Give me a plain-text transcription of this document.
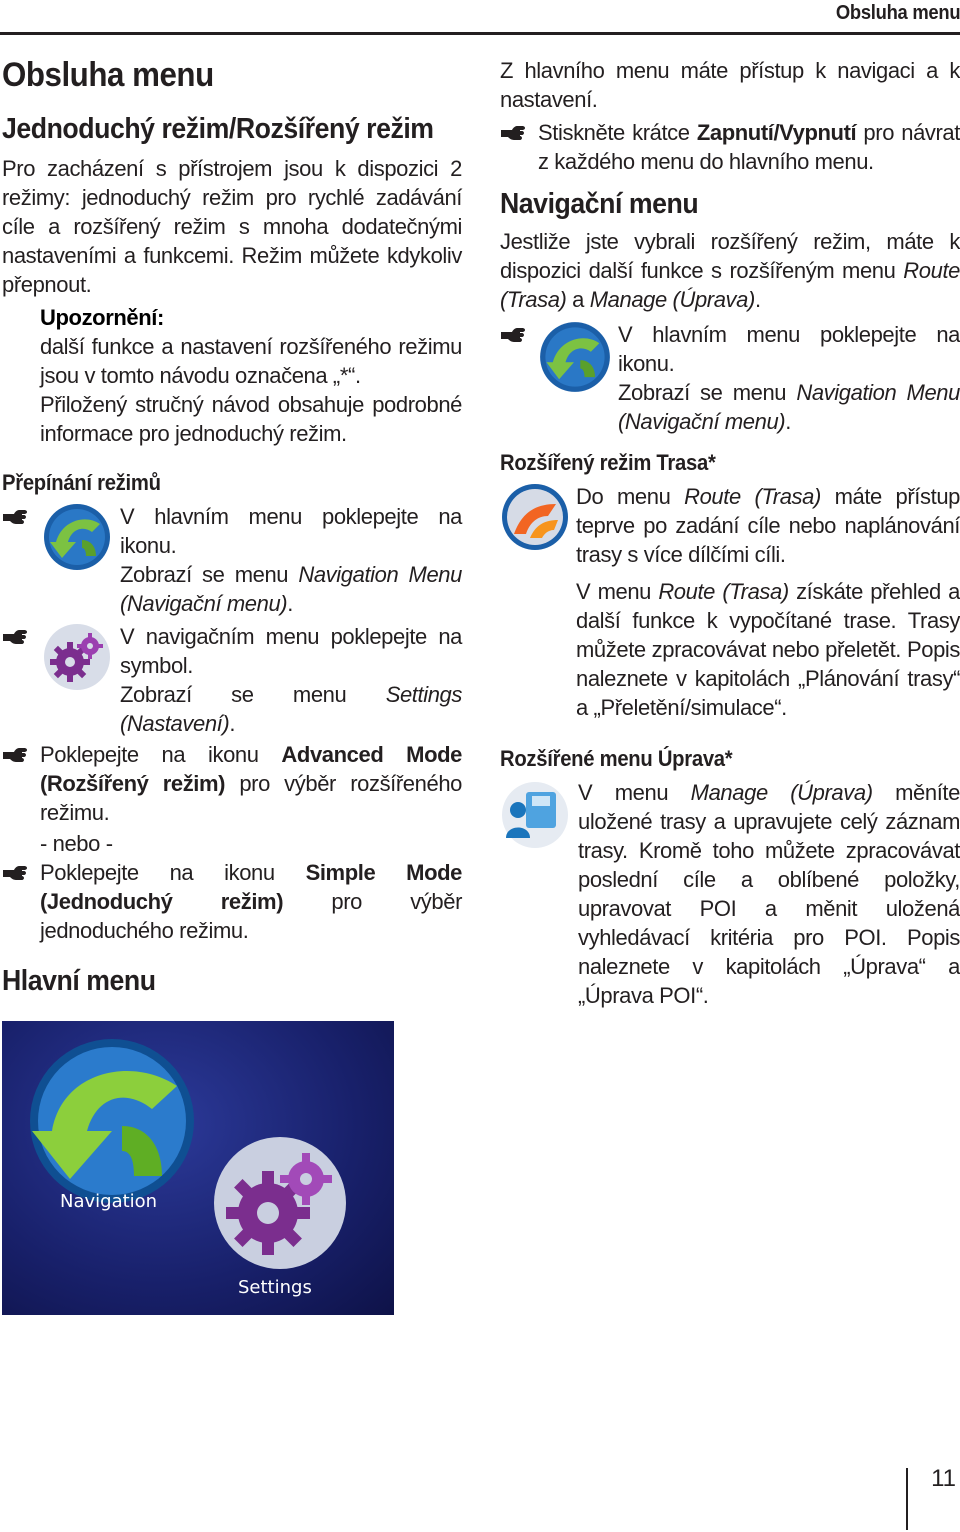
Obsluha menu
Obsluha menu
Jednoduchý režim/Rozšířený režim

Pro zacházení s přístrojem jsou k dispozici 2 režimy: jednoduchý režim pro rychlé zadávání cíle a rozšířený režim s mnoha dodatečnými nastaveními a funkcemi. Režim můžete kdykoliv přepnout.

Upozornění:

další funkce a nastavení rozšířeného režimu jsou v tomto návodu označena „*“.

Přiložený stručný návod obsahuje podrobné informace pro jednoduchý režim.

Přepínání režimů

V hlavním menu poklepejte na ikonu.

Zobrazí se menu Navigation Menu (Navigační menu).

V navigačním menu poklepejte na symbol.

Zobrazí se menu Settings (Nastavení).

Poklepejte na ikonu Advanced Mode (Rozšířený režim) pro výběr rozšířeného režimu.

- nebo -

Poklepejte na ikonu Simple Mode (Jednoduchý režim) pro výběr jednoduchého režimu.

Hlavní menu
Navigation
Settings

Z hlavního menu máte přístup k navigaci a k nastavení.

Stiskněte krátce Zapnutí/Vypnutí pro návrat z každého menu do hlavního menu.

Navigační menu

Jestliže jste vybrali rozšířený režim, máte k dispozici další funkce s rozšířeným menu Route (Trasa) a Manage (Úprava).

V hlavním menu poklepejte na ikonu.

Zobrazí se menu Navigation Menu (Navigační menu).

Rozšířený režim Trasa*

Do menu Route (Trasa) máte přístup teprve po zadání cíle nebo naplánování trasy s více dílčími cíli.

V menu Route (Trasa) získáte přehled a další funkce k vypočítané trase. Trasy můžete zpracovávat nebo přeletět. Popis naleznete v kapitolách „Plánování trasy“ a „Přeletění/simulace“.

Rozšířené menu Úprava*

V menu Manage (Úprava) měníte uložené trasy a upravujete celý záznam trasy. Kromě toho můžete zpracovávat poslední cíle a oblíbené položky, upravovat POI a měnit uložená vyhledávací kritéria pro POI. Popis naleznete v kapitolách „Úprava“ a „Úprava POI“.

11
